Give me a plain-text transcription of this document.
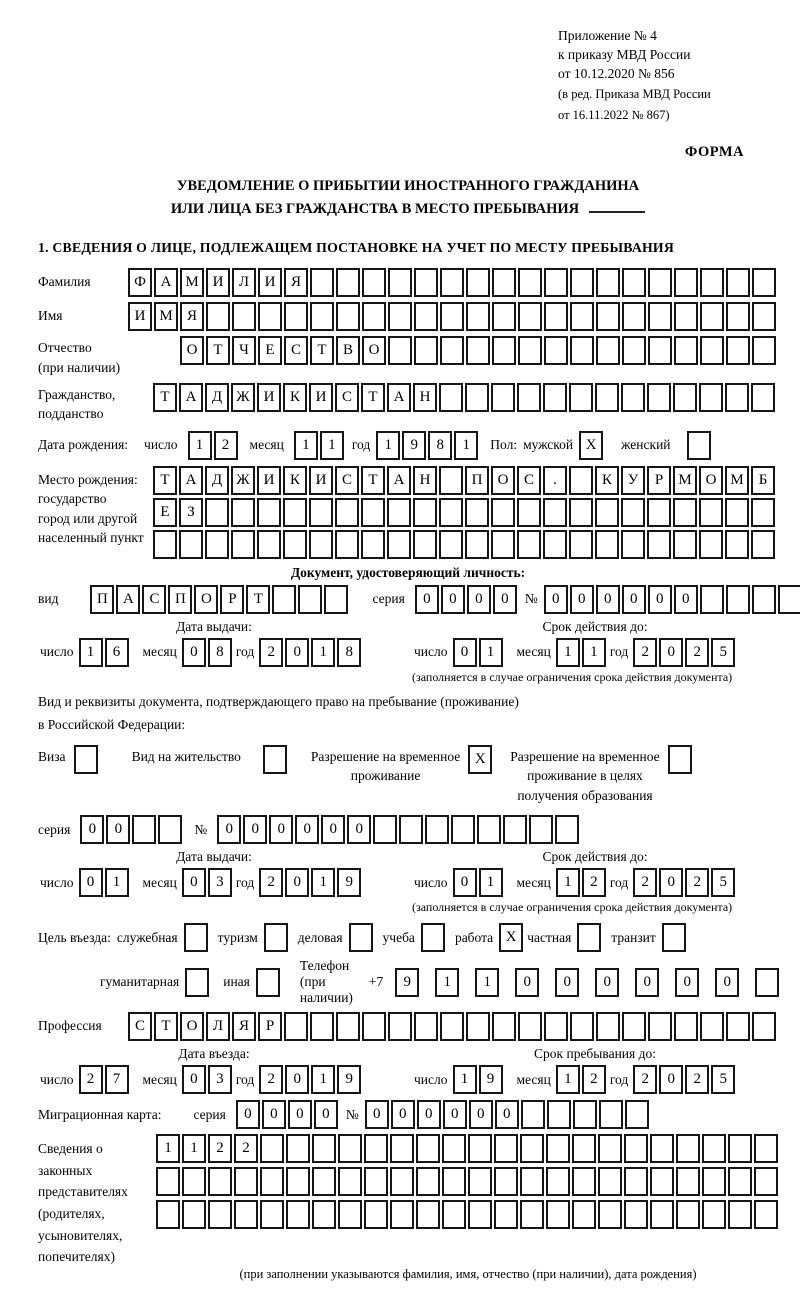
Приложение № 4
к приказу МВД России
от 10.12.2020 № 856
(в ред. Приказа МВД России
от 16.11.2022 № 867)
ФОРМА
УВЕДОМЛЕНИЕ О ПРИБЫТИИ ИНОСТРАННОГО ГРАЖДАНИНА
ИЛИ ЛИЦА БЕЗ ГРАЖДАНСТВА В МЕСТО ПРЕБЫВАНИЯ
1. СВЕДЕНИЯ О ЛИЦЕ, ПОДЛЕЖАЩЕМ ПОСТАНОВКЕ НА УЧЕТ ПО МЕСТУ ПРЕБЫВАНИЯ
Фамилия	Ф А М И	Л	И	Я
Имя	И М Я
Отчество
(при наличии)
О	Т	Ч	Е	С	Т	В	О
Гражданство,
подданство
Т	А	Д Ж И	К	И	С	Т	А	Н
Дата рождения: число	1	2	месяц	1	1	год 1	9	8	1	Пол: мужской X	женский
Место рождения:
государство
город или другой
населенный пункт
Т	А	Д Ж И	К	И	С	Т	А	Н	П	О	С	.	К	У	Р	М О М	Б
Е	З
Документ, удостоверяющий личность:
вид	П	А	С	П	О	Р	Т	серия	0	0	0	0	№ 0	0	0	0	0	0
Дата выдачи:
число 1	6	месяц 0	8 год 2	0	1	8
Срок действия до:
число 0	1	месяц 1	1 год 2	0	2	5
(заполняется в случае ограничения срока действия документа)
Вид и реквизиты документа, подтверждающего право на пребывание (проживание)
в Российской Федерации:
Виза	Вид на жительство	Разрешение на временное
проживание
X	Разрешение на временное
проживание в целях
получения образования
серия	0	0	№	0	0	0	0	0	0
Дата выдачи:
число 0	1	месяц 0	3 год 2	0	1	9
Срок действия до:
число 0	1	месяц 1	2 год 2	0	2	5
(заполняется в случае ограничения срока действия документа)
Цель въезда: служебная	туризм	деловая	учеба	работа X частная	транзит
гуманитарная	иная
Телефон (при наличии)
+7	9	1	1	0	0	0	0	0	0
Профессия	С	Т	О	Л	Я	Р
Дата въезда:
число 2	7	месяц 0	3 год 2	0	1	9
Срок пребывания до:
число 1	9	месяц 1	2 год 2	0	2	5
Миграционная карта: серия	0	0	0	0	№ 0	0	0	0	0	0
Сведения о
законных
представителях
(родителях,
усыновителях,
попечителях)
1	1	2	2
(при заполнении указываются фамилия, имя, отчество (при наличии), дата рождения)
